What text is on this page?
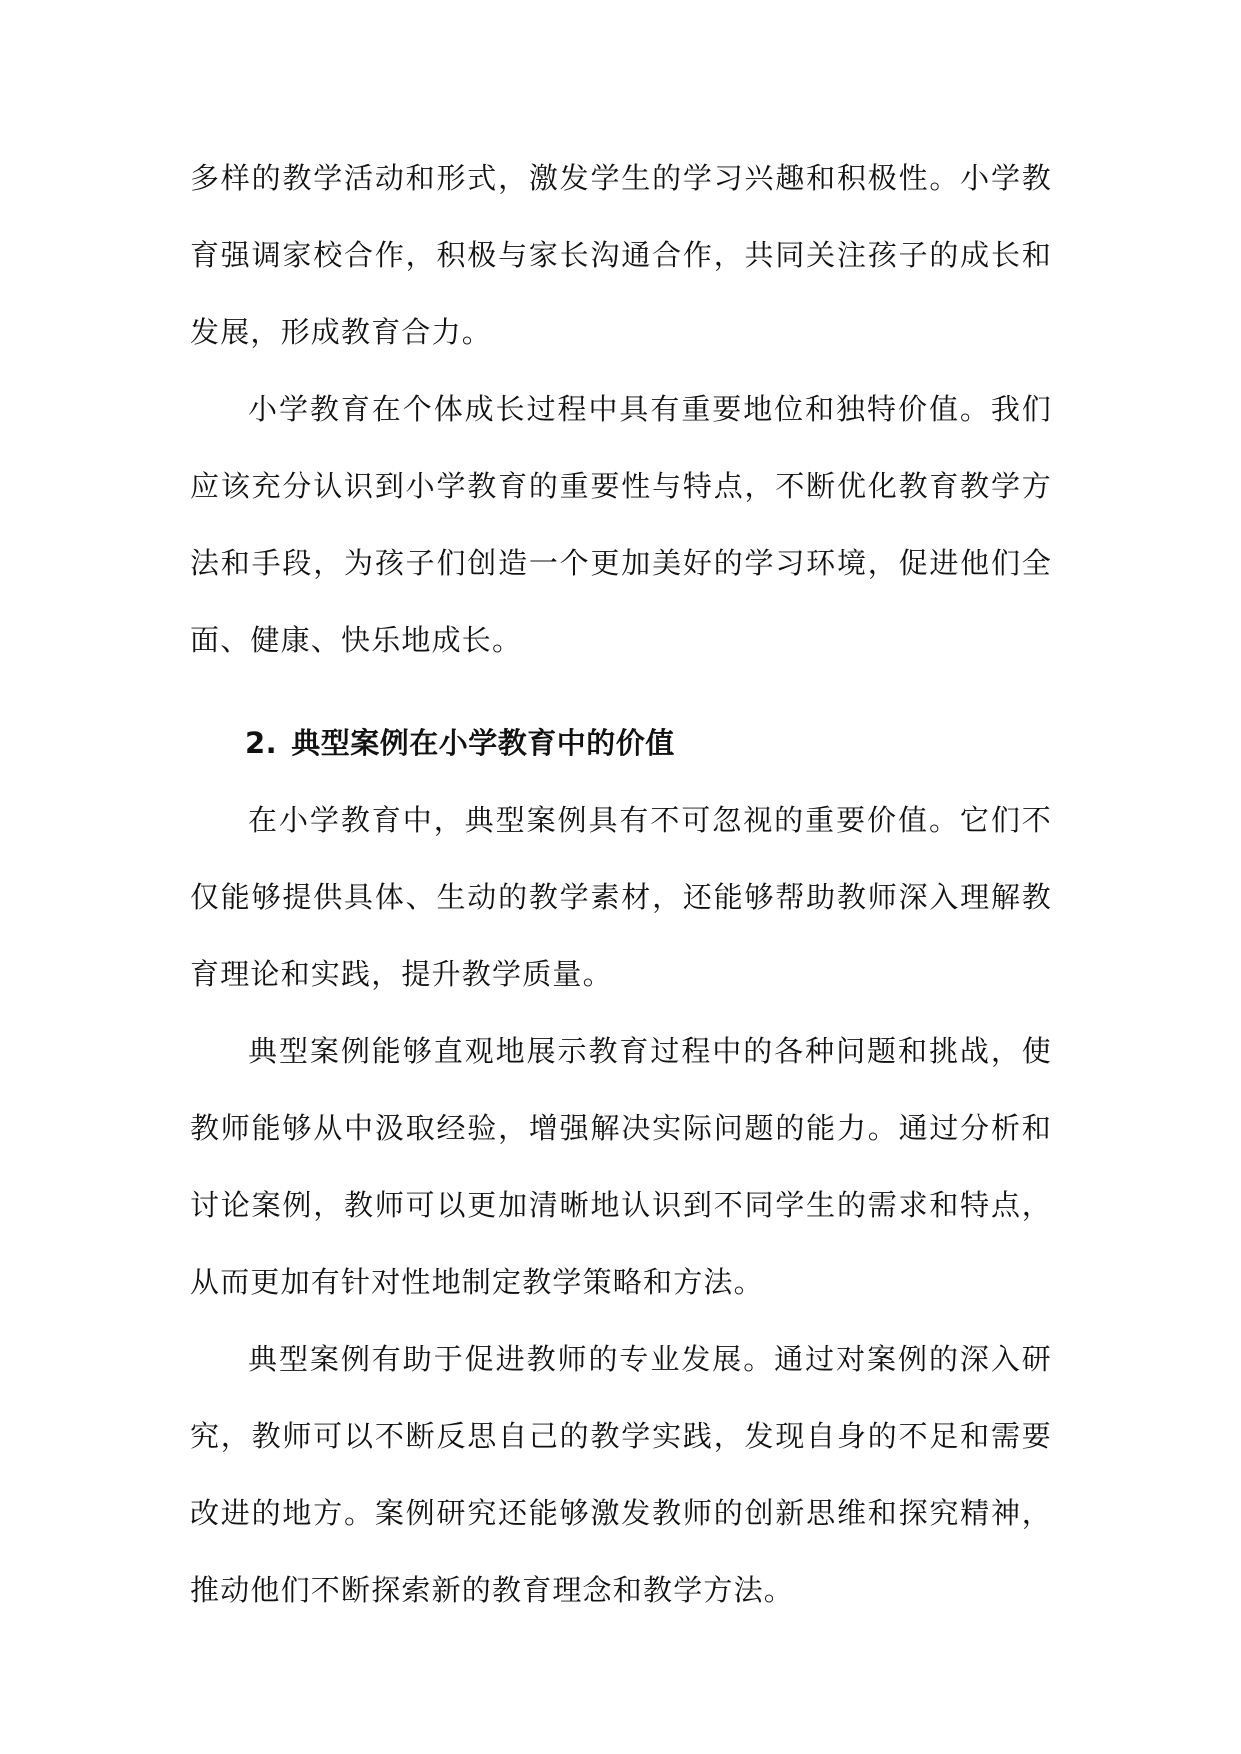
多样的教学活动和形式，激发学生的学习兴趣和积极性。小学教育强调家校合作，积极与家长沟通合作，共同关注孩子的成长和发展，形成教育合力。

小学教育在个体成长过程中具有重要地位和独特价值。我们应该充分认识到小学教育的重要性与特点，不断优化教育教学方法和手段，为孩子们创造一个更加美好的学习环境，促进他们全面、健康、快乐地成长。

2. 典型案例在小学教育中的价值

在小学教育中，典型案例具有不可忽视的重要价值。它们不仅能够提供具体、生动的教学素材，还能够帮助教师深入理解教育理论和实践，提升教学质量。

典型案例能够直观地展示教育过程中的各种问题和挑战，使教师能够从中汲取经验，增强解决实际问题的能力。通过分析和讨论案例，教师可以更加清晰地认识到不同学生的需求和特点，从而更加有针对性地制定教学策略和方法。

典型案例有助于促进教师的专业发展。通过对案例的深入研究，教师可以不断反思自己的教学实践，发现自身的不足和需要改进的地方。案例研究还能够激发教师的创新思维和探究精神，推动他们不断探索新的教育理念和教学方法。
